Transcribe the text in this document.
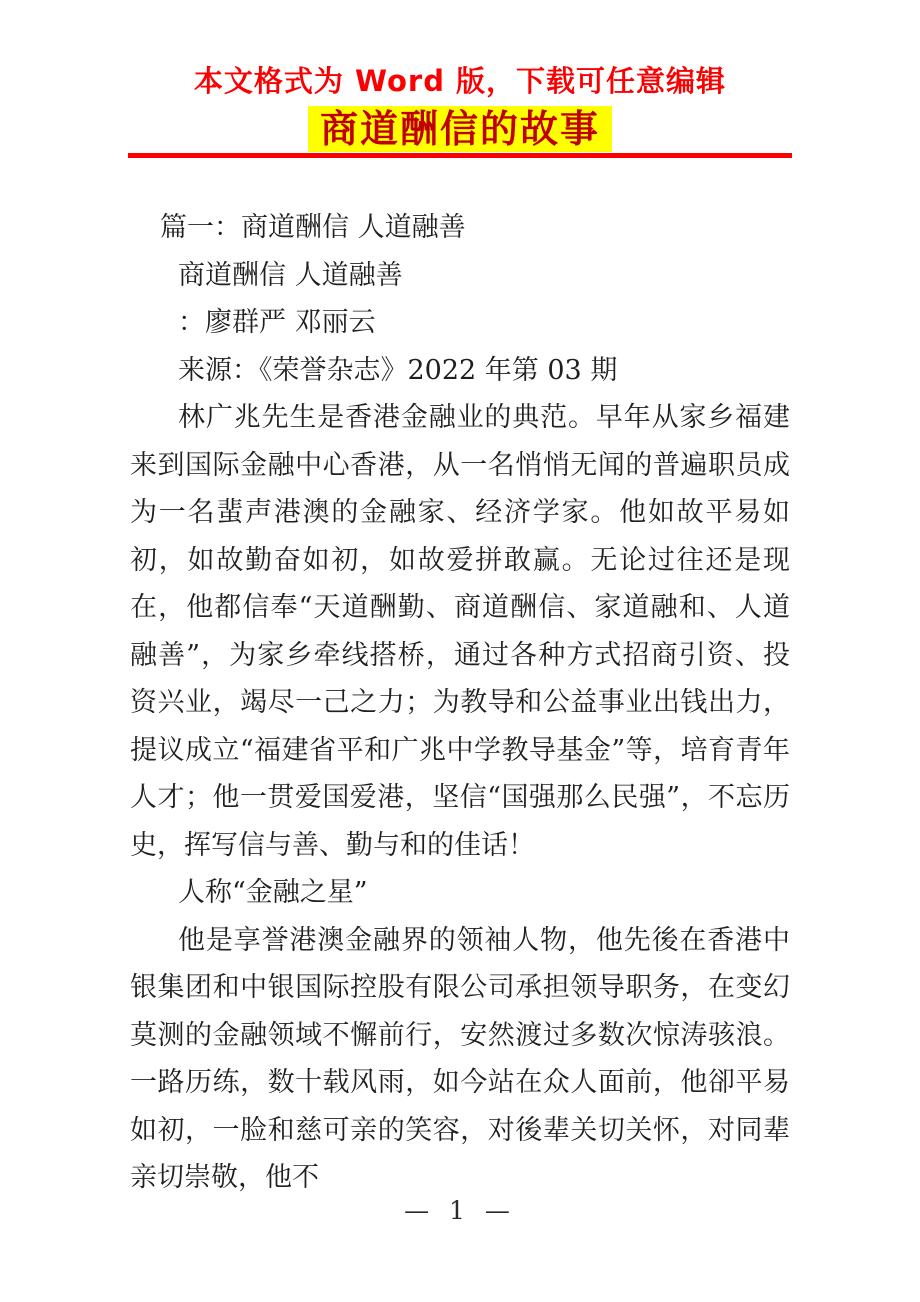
本文格式为 Word 版，下载可任意编辑
商道酬信的故事

篇一：商道酬信 人道融善

商道酬信 人道融善

：廖群严 邓丽云

来源：《荣誉杂志》2022 年第 03 期

林广兆先生是香港金融业的典范。早年从家乡福建来到国际金融中心香港，从一名悄悄无闻的普遍职员成为一名蜚声港澳的金融家、经济学家。他如故平易如初，如故勤奋如初，如故爱拼敢赢。无论过往还是现在，他都信奉“天道酬勤、商道酬信、家道融和、人道融善”，为家乡牵线搭桥，通过各种方式招商引资、投资兴业，竭尽一己之力；为教导和公益事业出钱出力，提议成立“福建省平和广兆中学教导基金”等，培育青年人才；他一贯爱国爱港，坚信“国强那么民强”，不忘历史，挥写信与善、勤与和的佳话！

人称“金融之星”

他是享誉港澳金融界的领袖人物，他先後在香港中银集团和中银国际控股有限公司承担领导职务，在变幻莫测的金融领域不懈前行，安然渡过多数次惊涛骇浪。一路历练，数十载风雨，如今站在众人面前，他卻平易如初，一脸和慈可亲的笑容，对後辈关切关怀，对同辈亲切崇敬，他不

— 1 —
